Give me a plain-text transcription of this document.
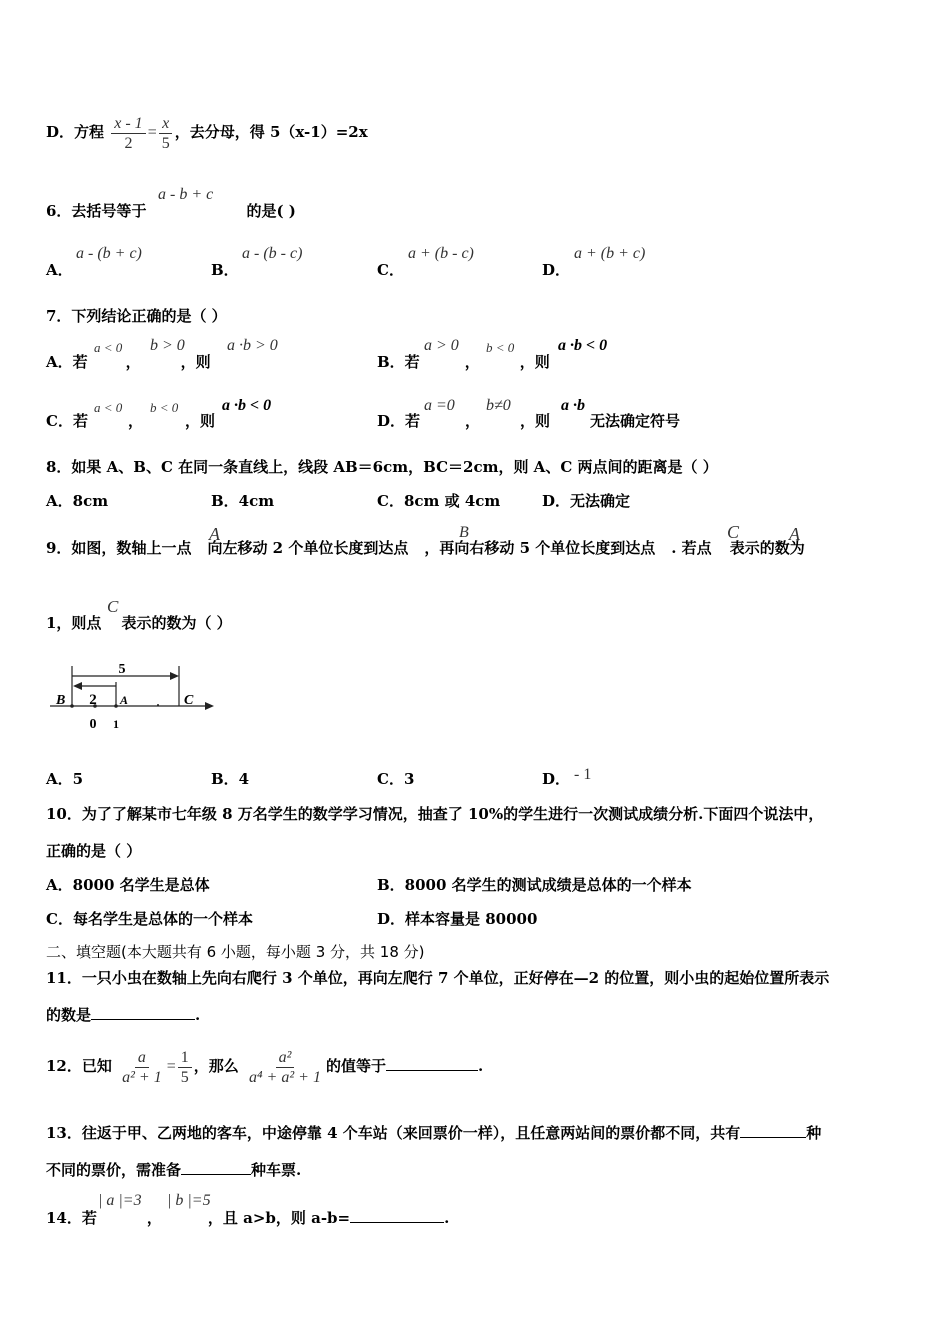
D．方程 $\frac{x - 1}{2} = \frac{x}{5}$ ，去分母，得 5（x-1）=2x
6．去括号等于	的是( )
a - b + c
A．
a - (b + c)
B．
a - (b - c)
C．
a + (b - c)
D．
a + (b + c)
7．下列结论正确的是（ ）
A．若	，	，则
a < 0 b > 0	a ·b > 0
B．若	，	，则
a > 0 b < 0	a ·b < 0
C．若	，	，则
a < 0 b < 0	a ·b < 0
D．若	，	，则	无法确定符号
a =0 b≠0	a ·b
8．如果 A、B、C 在同一条直线上，线段 AB＝6cm，BC＝2cm，则 A、C 两点间的距离是（ ）
A．8cm	B．4cm	C．8cm 或 4cm	D．无法确定
9．如图，数轴上一点 向左移动 2 个单位长度到达点 ，再向右移动 5 个单位长度到达点 . 若点 表示的数为
A	B	C	A
1，则点 表示的数为（ ）
C
5
2
B	A	C
0 1
A．5	B．4	C．3	D． - 1
10．为了了解某市七年级 8 万名学生的数学学习情况，抽查了 10%的学生进行一次测试成绩分析.下面四个说法中，
正确的是（ ）
A．8000 名学生是总体	B．8000 名学生的测试成绩是总体的一个样本
C．每名学生是总体的一个样本	D．样本容量是 80000
二、填空题(本大题共有 6 小题，每小题 3 分，共 18 分)
11．一只小虫在数轴上先向右爬行 3 个单位，再向左爬行 7 个单位，正好停在—2 的位置，则小虫的起始位置所表示
的数是	.
12．已知 $\frac{a}{\text{a² + 1}} = \frac{1}{5}$ ，那么 $\frac{\text{a²}}{\text{a⁴ + a² + 1}}$ 的值等于	.
13．往返于甲、乙两地的客车，中途停靠 4 个车站（来回票价一样），且任意两站间的票价都不同，共有	种
不同的票价，需准备	种车票.
14．若	，	，且 a>b，则 a-b=	.
| a |=3 | b |=5
